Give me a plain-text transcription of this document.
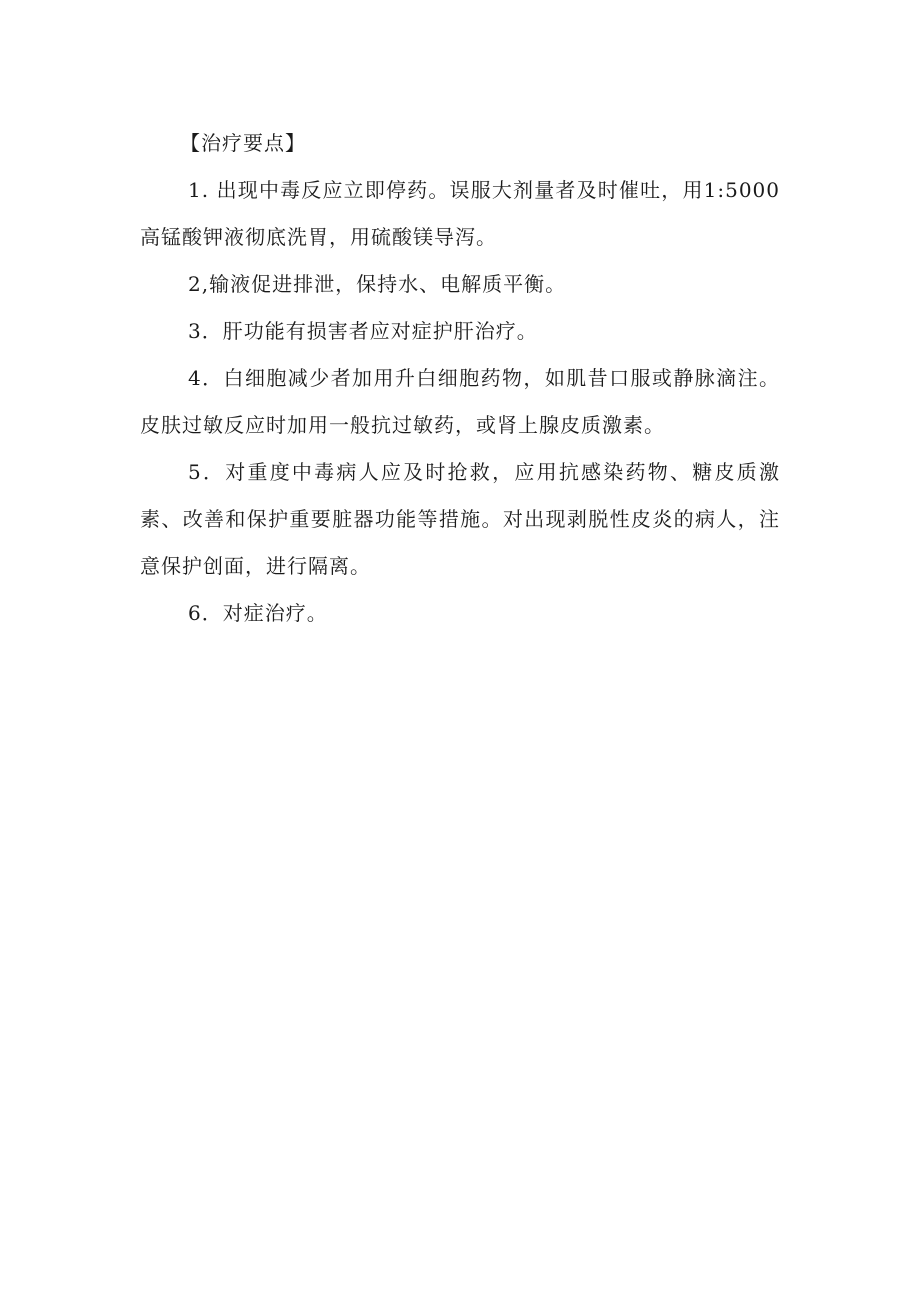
【治疗要点】

1. 出现中毒反应立即停药。误服大剂量者及时催吐，用1:5000高锰酸钾液彻底洗胃，用硫酸镁导泻。

2,输液促进排泄，保持水、电解质平衡。

3．肝功能有损害者应对症护肝治疗。

4．白细胞减少者加用升白细胞药物，如肌昔口服或静脉滴注。皮肤过敏反应时加用一般抗过敏药，或肾上腺皮质激素。

5．对重度中毒病人应及时抢救，应用抗感染药物、糖皮质激素、改善和保护重要脏器功能等措施。对出现剥脱性皮炎的病人，注意保护创面，进行隔离。

6．对症治疗。
